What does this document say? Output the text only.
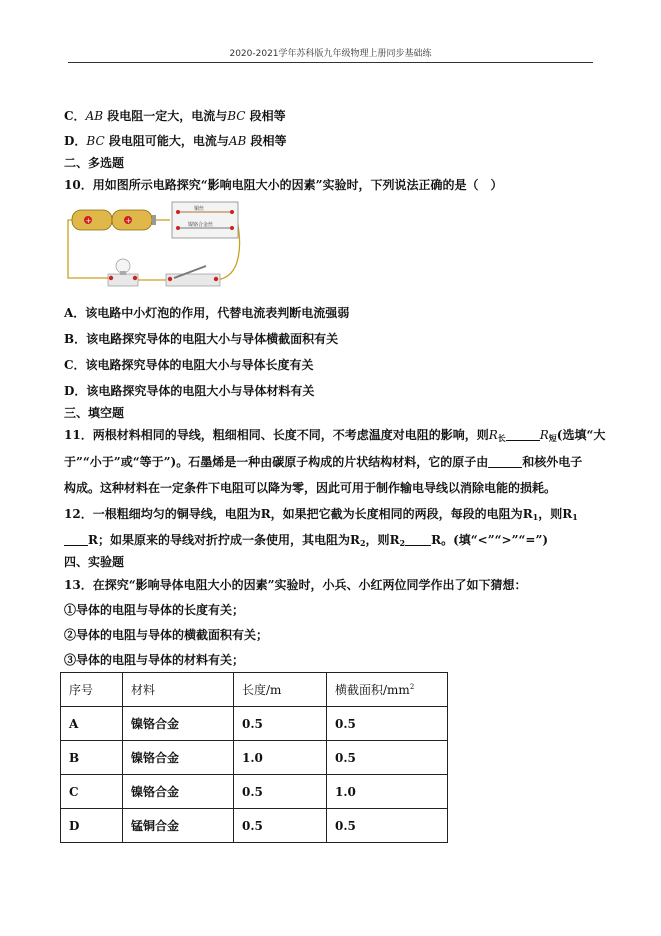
2020-2021学年苏科版九年级物理上册同步基础练
C．AB 段电阻一定大，电流与BC 段相等
D．BC 段电阻可能大，电流与AB 段相等
二、多选题
10．用如图所示电路探究“影响电阻大小的因素”实验时，下列说法正确的是（　）
+	+
铜丝
镍铬合金丝
A．该电路中小灯泡的作用，代替电流表判断电流强弱
B．该电路探究导体的电阻大小与导体横截面积有关
C．该电路探究导体的电阻大小与导体长度有关
D．该电路探究导体的电阻大小与导体材料有关
三、填空题
11．两根材料相同的导线，粗细相同、长度不同，不考虑温度对电阻的影响，则$R_长$	$R_短$(选填“大
于”“小于”或“等于”)。石墨烯是一种由碳原子构成的片状结构材料，它的原子由	和核外电子
构成。这种材料在一定条件下电阻可以降为零，因此可用于制作输电导线以消除电能的损耗。
12．一根粗细均匀的铜导线，电阻为R，如果把它截为长度相同的两段，每段的电阻为$R_1$，则$R_1$
R；如果原来的导线对折拧成一条使用，其电阻为$R_2$，则$R_2$ R。(填“<”“>”“=”)
四、实验题
13．在探究“影响导体电阻大小的因素”实验时，小兵、小红两位同学作出了如下猜想：
①导体的电阻与导体的长度有关；
②导体的电阻与导体的横截面积有关；
③导体的电阻与导体的材料有关；
序号	材料	长度/m	横截面积$/mm^2$
A	镍铬合金	0.5	0.5
B	镍铬合金	1.0	0.5
C	镍铬合金	0.5	1.0
D	锰铜合金	0.5	0.5
